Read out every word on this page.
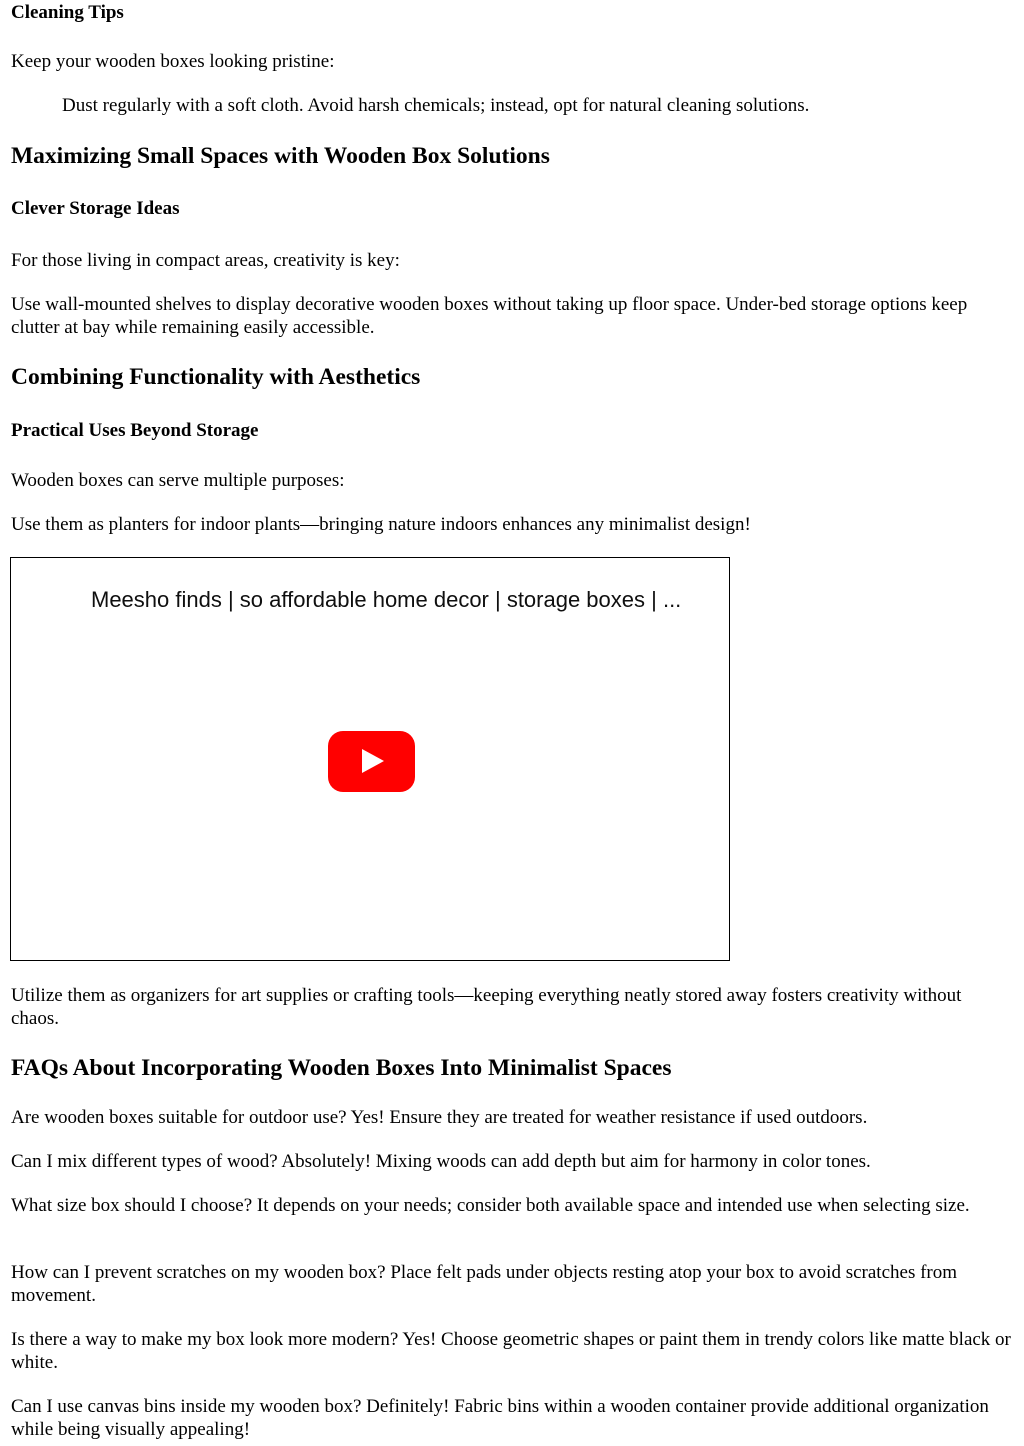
Cleaning Tips

Keep your wooden boxes looking pristine:

Dust regularly with a soft cloth. Avoid harsh chemicals; instead, opt for natural cleaning solutions.
Maximizing Small Spaces with Wooden Box Solutions
Clever Storage Ideas

For those living in compact areas, creativity is key:

Use wall-mounted shelves to display decorative wooden boxes without taking up floor space. Under-bed storage options keep clutter at bay while remaining easily accessible.

Combining Functionality with Aesthetics
Practical Uses Beyond Storage

Wooden boxes can serve multiple purposes:

Use them as planters for indoor plants—bringing nature indoors enhances any minimalist design!

Meesho finds | so affordable home decor | storage boxes | ...

Utilize them as organizers for art supplies or crafting tools—keeping everything neatly stored away fosters creativity without chaos.

FAQs About Incorporating Wooden Boxes Into Minimalist Spaces

Are wooden boxes suitable for outdoor use? Yes! Ensure they are treated for weather resistance if used outdoors.

Can I mix different types of wood? Absolutely! Mixing woods can add depth but aim for harmony in color tones.

What size box should I choose? It depends on your needs; consider both available space and intended use when selecting size.

How can I prevent scratches on my wooden box? Place felt pads under objects resting atop your box to avoid scratches from movement.

Is there a way to make my box look more modern? Yes! Choose geometric shapes or paint them in trendy colors like matte black or white.

Can I use canvas bins inside my wooden box? Definitely! Fabric bins within a wooden container provide additional organization while being visually appealing!
